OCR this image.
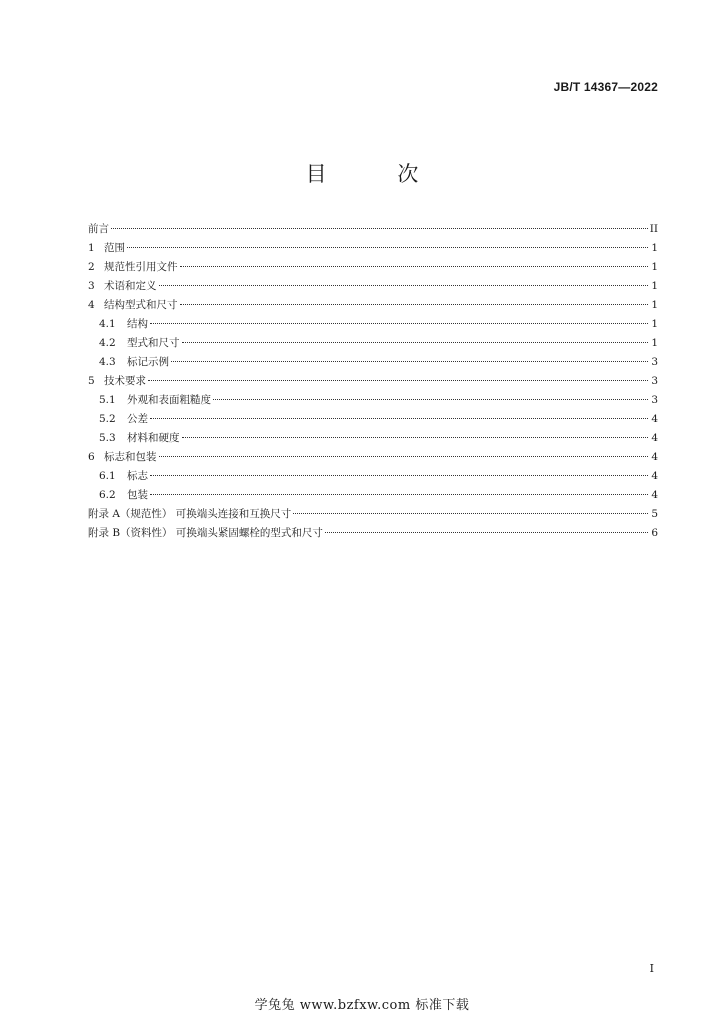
JB/T 14367—2022
目 次
前言	II
1 范围	1
2 规范性引用文件	1
3 术语和定义	1
4 结构型式和尺寸	1
4.1	结构	1
4.2	型式和尺寸	1
4.3	标记示例	3
5 技术要求	3
5.1	外观和表面粗糙度	3
5.2	公差	4
5.3	材料和硬度	4
6 标志和包装	4
6.1	标志	4
6.2	包装	4
附录 A（规范性） 可换端头连接和互换尺寸	5
附录 B（资料性） 可换端头紧固螺栓的型式和尺寸	6
I
学兔兔 www.bzfxw.com 标准下载
